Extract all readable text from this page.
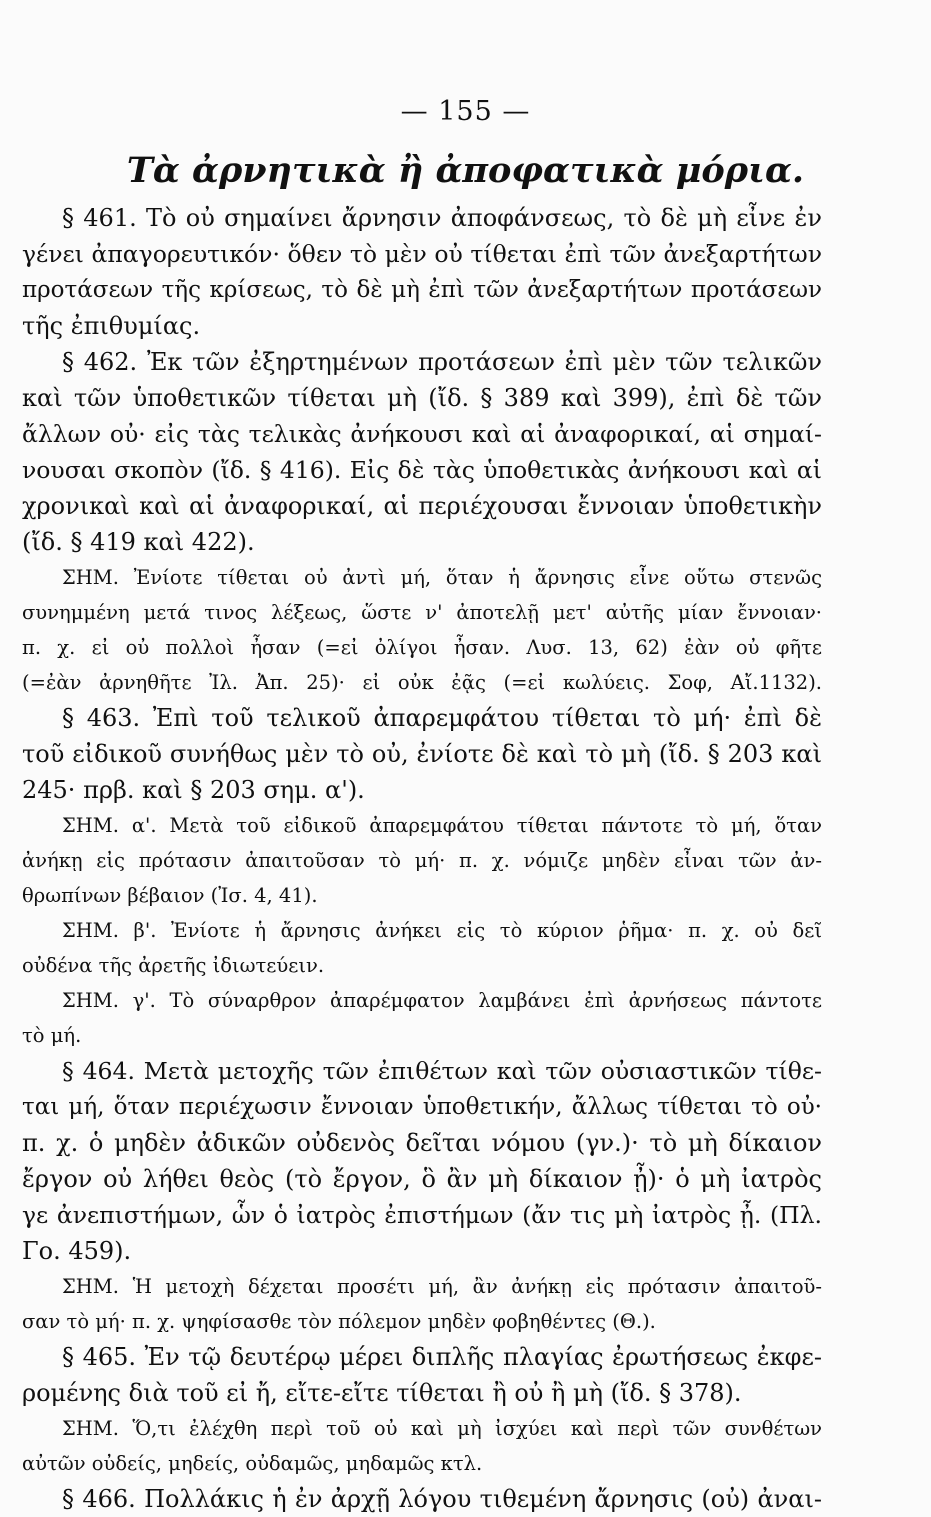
— 155 —
Τὰ ἀρνητικὰ ἢ ἀποφατικὰ μόρια.
§ 461. Τὸ οὐ σημαίνει ἄρνησιν ἀποφάνσεως, τὸ δὲ μὴ εἶνε ἐν
γένει ἀπαγορευτικόν· ὅθεν τὸ μὲν οὐ τίθεται ἐπὶ τῶν ἀνεξαρτήτων
προτάσεων τῆς κρίσεως, τὸ δὲ μὴ ἐπὶ τῶν ἀνεξαρτήτων προτάσεων
τῆς ἐπιθυμίας.
§ 462. Ἐκ τῶν ἐξηρτημένων προτάσεων ἐπὶ μὲν τῶν τελικῶν
καὶ τῶν ὑποθετικῶν τίθεται μὴ (ἴδ. § 389 καὶ 399), ἐπὶ δὲ τῶν
ἄλλων οὐ· εἰς τὰς τελικὰς ἀνήκουσι καὶ αἱ ἀναφορικαί, αἱ σημαί-
νουσαι σκοπὸν (ἴδ. § 416). Εἰς δὲ τὰς ὑποθετικὰς ἀνήκουσι καὶ αἱ
χρονικαὶ καὶ αἱ ἀναφορικαί, αἱ περιέχουσαι ἔννοιαν ὑποθετικὴν
(ἴδ. § 419 καὶ 422).
ΣΗΜ. Ἐνίοτε τίθεται οὐ ἀντὶ μή, ὅταν ἡ ἄρνησις εἶνε οὕτω στενῶς
συνημμένη μετά τινος λέξεως, ὥστε ν' ἀποτελῇ μετ' αὐτῆς μίαν ἔννοιαν·
π. χ. εἰ οὐ πολλοὶ ἦσαν (=εἰ ὀλίγοι ἦσαν. Λυσ. 13, 62) ἐὰν οὐ φῆτε
(=ἐὰν ἀρνηθῆτε Ἰλ. Ἀπ. 25)· εἰ οὐκ ἐᾷς (=εἰ κωλύεις. Σοφ, Αἴ.1132).
§ 463. Ἐπὶ τοῦ τελικοῦ ἀπαρεμφάτου τίθεται τὸ μή· ἐπὶ δὲ
τοῦ εἰδικοῦ συνήθως μὲν τὸ οὐ, ἐνίοτε δὲ καὶ τὸ μὴ (ἴδ. § 203 καὶ
245· πρβ. καὶ § 203 σημ. α').
ΣΗΜ. α'. Μετὰ τοῦ εἰδικοῦ ἀπαρεμφάτου τίθεται πάντοτε τὸ μή, ὅταν
ἀνήκῃ εἰς πρότασιν ἀπαιτοῦσαν τὸ μή· π. χ. νόμιζε μηδὲν εἶναι τῶν ἀν-
θρωπίνων βέβαιον (Ἰσ. 4, 41).
ΣΗΜ. β'. Ἐνίοτε ἡ ἄρνησις ἀνήκει εἰς τὸ κύριον ῥῆμα· π. χ. οὐ δεῖ
οὐδένα τῆς ἀρετῆς ἰδιωτεύειν.
ΣΗΜ. γ'. Τὸ σύναρθρον ἀπαρέμφατον λαμβάνει ἐπὶ ἀρνήσεως πάντοτε
τὸ μή.
§ 464. Μετὰ μετοχῆς τῶν ἐπιθέτων καὶ τῶν οὐσιαστικῶν τίθε-
ται μή, ὅταν περιέχωσιν ἔννοιαν ὑποθετικήν, ἄλλως τίθεται τὸ οὐ·
π. χ. ὁ μηδὲν ἀδικῶν οὐδενὸς δεῖται νόμου (γν.)· τὸ μὴ δίκαιον
ἔργον οὐ λήθει θεὸς (τὸ ἔργον, ὃ ἂν μὴ δίκαιον ᾖ)· ὁ μὴ ἰατρὸς
γε ἀνεπιστήμων, ὧν ὁ ἰατρὸς ἐπιστήμων (ἄν τις μὴ ἰατρὸς ᾖ. (Πλ.
Γο. 459).
ΣΗΜ. Ἡ μετοχὴ δέχεται προσέτι μή, ἂν ἀνήκῃ εἰς πρότασιν ἀπαιτοῦ-
σαν τὸ μή· π. χ. ψηφίσασθε τὸν πόλεμον μηδὲν φοβηθέντες (Θ.).
§ 465. Ἐν τῷ δευτέρῳ μέρει διπλῆς πλαγίας ἐρωτήσεως ἐκφε-
ρομένης διὰ τοῦ εἰ ἤ, εἴτε-εἴτε τίθεται ἢ οὐ ἢ μὴ (ἴδ. § 378).
ΣΗΜ. Ὅ,τι ἐλέχθη περὶ τοῦ οὐ καὶ μὴ ἰσχύει καὶ περὶ τῶν συνθέτων
αὐτῶν οὐδείς, μηδείς, οὐδαμῶς, μηδαμῶς κτλ.
§ 466. Πολλάκις ἡ ἐν ἀρχῇ λόγου τιθεμένη ἄρνησις (οὐ) ἀναι-
